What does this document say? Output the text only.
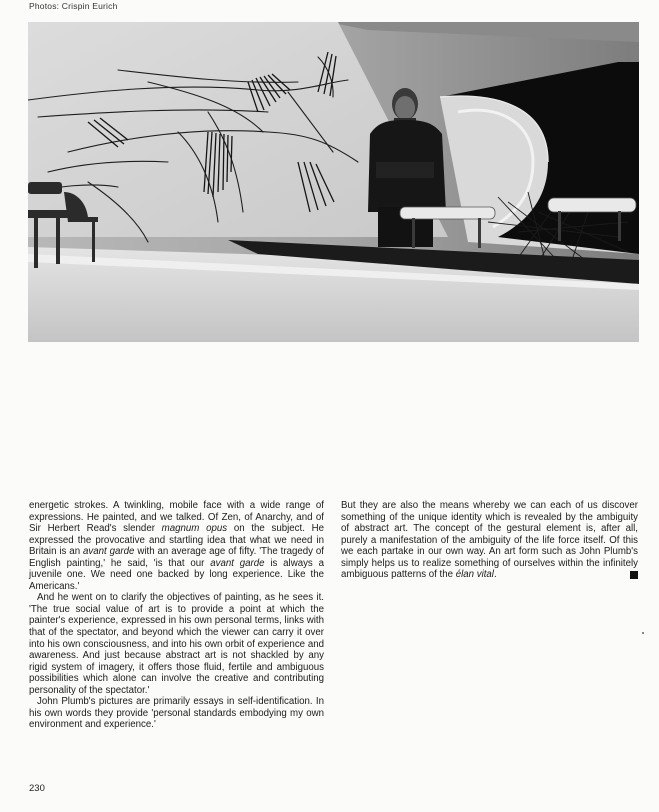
Photos: Crispin Eurich

energetic strokes. A twinkling, mobile face with a wide range of expressions. He painted, and we talked. Of Zen, of Anarchy, and of Sir Herbert Read's slender magnum opus on the subject. He expressed the provocative and startling idea that what we need in Britain is an avant garde with an average age of fifty. 'The tragedy of English painting,' he said, 'is that our avant garde is always a juvenile one. We need one backed by long experience. Like the Americans.'

And he went on to clarify the objectives of painting, as he sees it. 'The true social value of art is to provide a point at which the painter's experience, expressed in his own personal terms, links with that of the spectator, and beyond which the viewer can carry it over into his own consciousness, and into his own orbit of experience and awareness. And just because abstract art is not shackled by any rigid system of imagery, it offers those fluid, fertile and ambiguous possibilities which alone can involve the creative and contributing personality of the spectator.'

John Plumb's pictures are primarily essays in self-identification. In his own words they provide 'personal standards embodying my own environment and experience.'

But they are also the means whereby we can each of us discover something of the unique identity which is revealed by the ambiguity of abstract art. The concept of the gestural element is, after all, purely a manifestation of the ambiguity of the life force itself. Of this we each partake in our own way. An art form such as John Plumb's simply helps us to realize something of ourselves within the infinitely ambiguous patterns of the élan vital.

230
